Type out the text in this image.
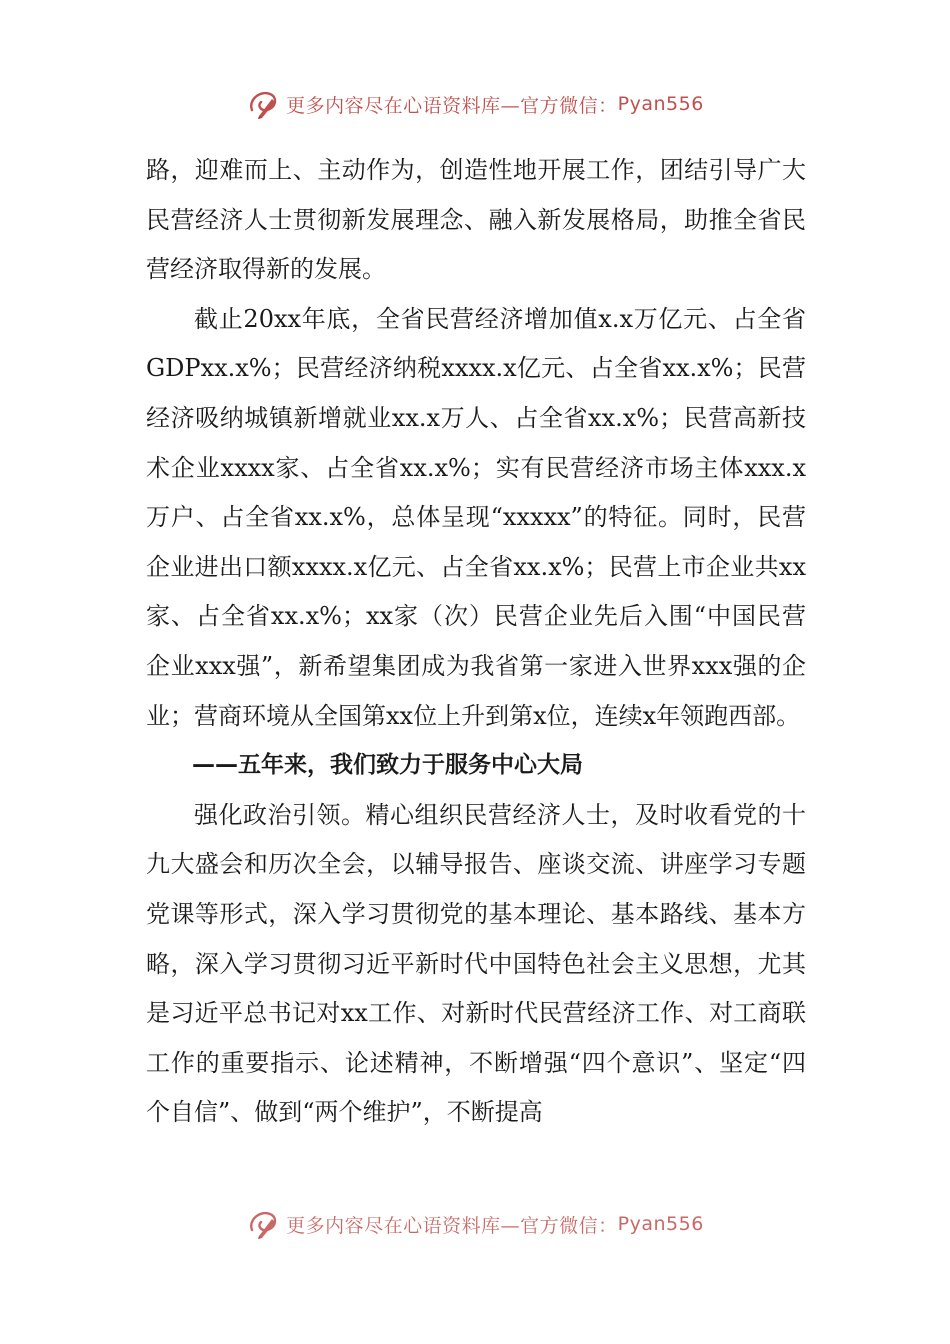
更多内容尽在心语资料库—官方微信： Pyan556

路，迎难而上、主动作为，创造性地开展工作，团结引导广大民营经济人士贯彻新发展理念、融入新发展格局，助推全省民营经济取得新的发展。

截止20xx年底，全省民营经济增加值x.x万亿元、占全省GDPxx.x%；民营经济纳税xxxx.x亿元、占全省xx.x%；民营经济吸纳城镇新增就业xx.x万人、占全省xx.x%；民营高新技术企业xxxx家、占全省xx.x%；实有民营经济市场主体xxx.x万户、占全省xx.x%，总体呈现“xxxxx”的特征。同时，民营企业进出口额xxxx.x亿元、占全省xx.x%；民营上市企业共xx家、占全省xx.x%；xx家（次）民营企业先后入围“中国民营企业xxx强”，新希望集团成为我省第一家进入世界xxx强的企业；营商环境从全国第xx位上升到第x位，连续x年领跑西部。

——五年来，我们致力于服务中心大局

强化政治引领。精心组织民营经济人士，及时收看党的十九大盛会和历次全会，以辅导报告、座谈交流、讲座学习专题党课等形式，深入学习贯彻党的基本理论、基本路线、基本方略，深入学习贯彻习近平新时代中国特色社会主义思想，尤其是习近平总书记对xx工作、对新时代民营经济工作、对工商联工作的重要指示、论述精神，不断增强“四个意识”、坚定“四个自信”、做到“两个维护”，不断提高

更多内容尽在心语资料库—官方微信： Pyan556
